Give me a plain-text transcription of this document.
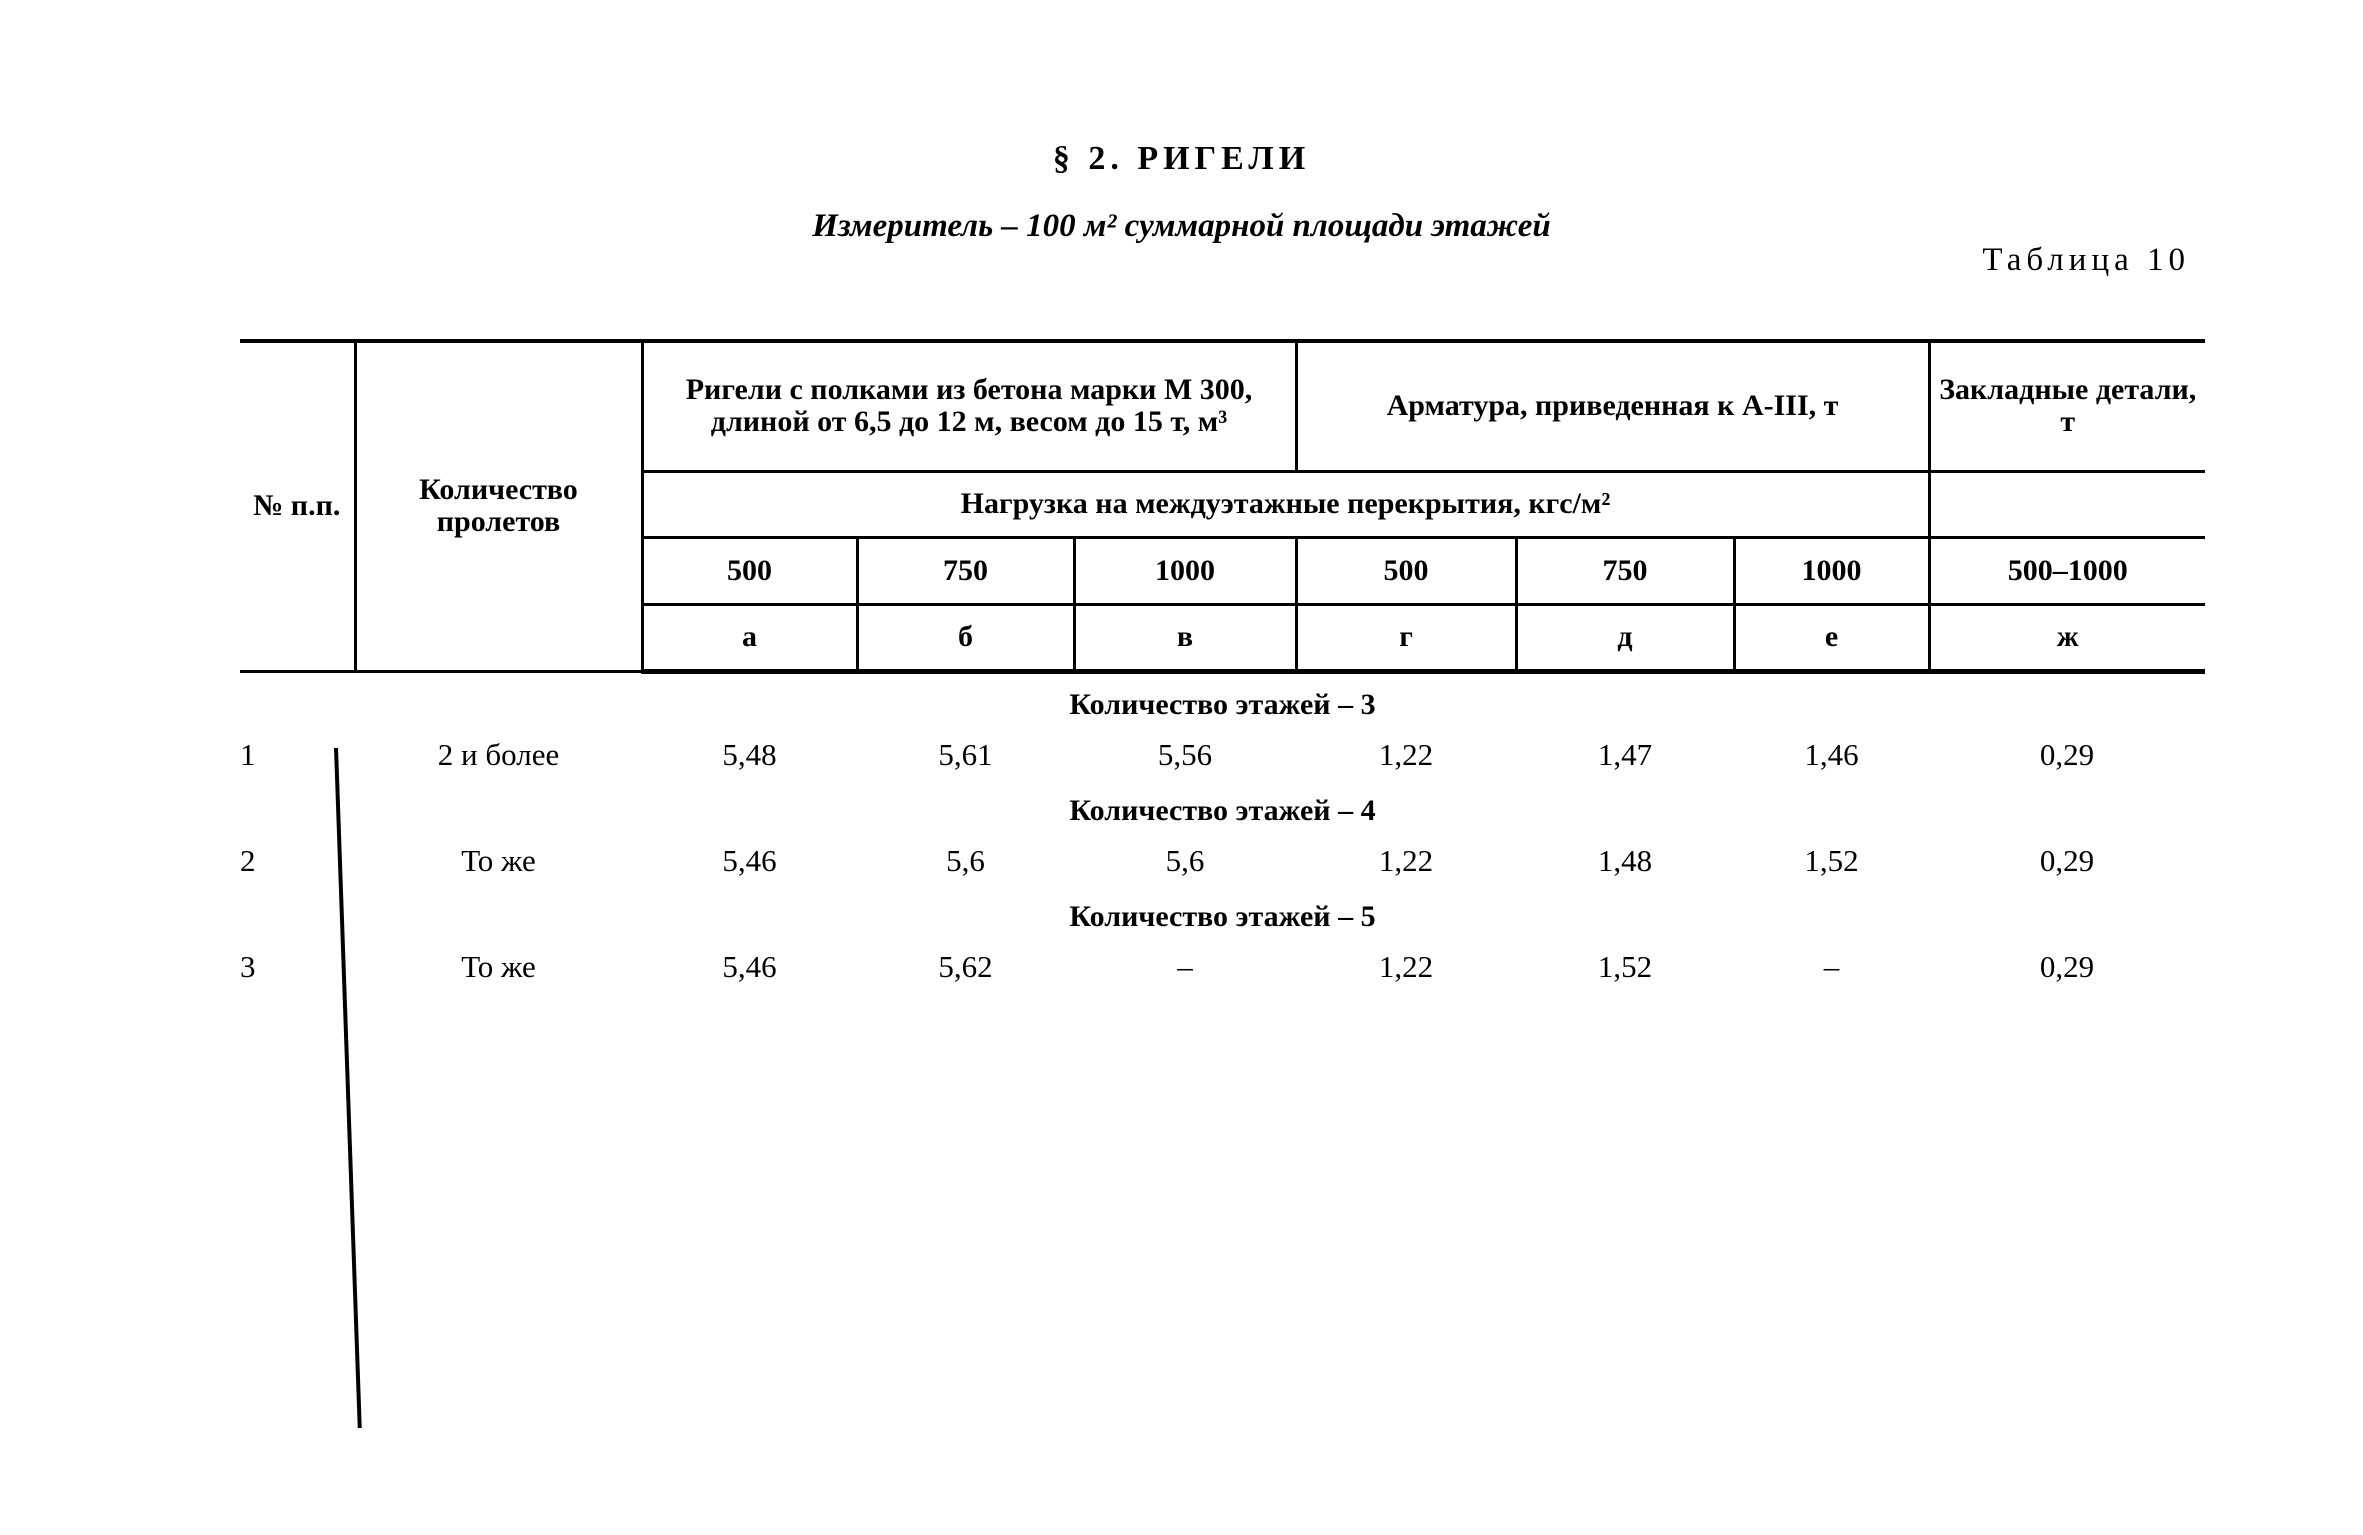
§ 2. РИГЕЛИ
Измеритель – 100 м² суммарной площади этажей
Таблица 10
№ п.п.	Количество пролетов	Ригели с полками из бетона марки М 300, длиной от 6,5 до 12 м, весом до 15 т, м³			Арматура, приведенная к А-III, т			Закладные детали, т
		Нагрузка на междуэтажные перекрытия, кгс/м²						
		500	750	1000	500	750	1000	500–1000
		а	б	в	г	д	е	ж
Количество этажей – 3								
1	2 и более	5,48	5,61	5,56	1,22	1,47	1,46	0,29
Количество этажей – 4								
2	То же	5,46	5,6	5,6	1,22	1,48	1,52	0,29
Количество этажей – 5								
3	То же	5,46	5,62	–	1,22	1,52	–	0,29
